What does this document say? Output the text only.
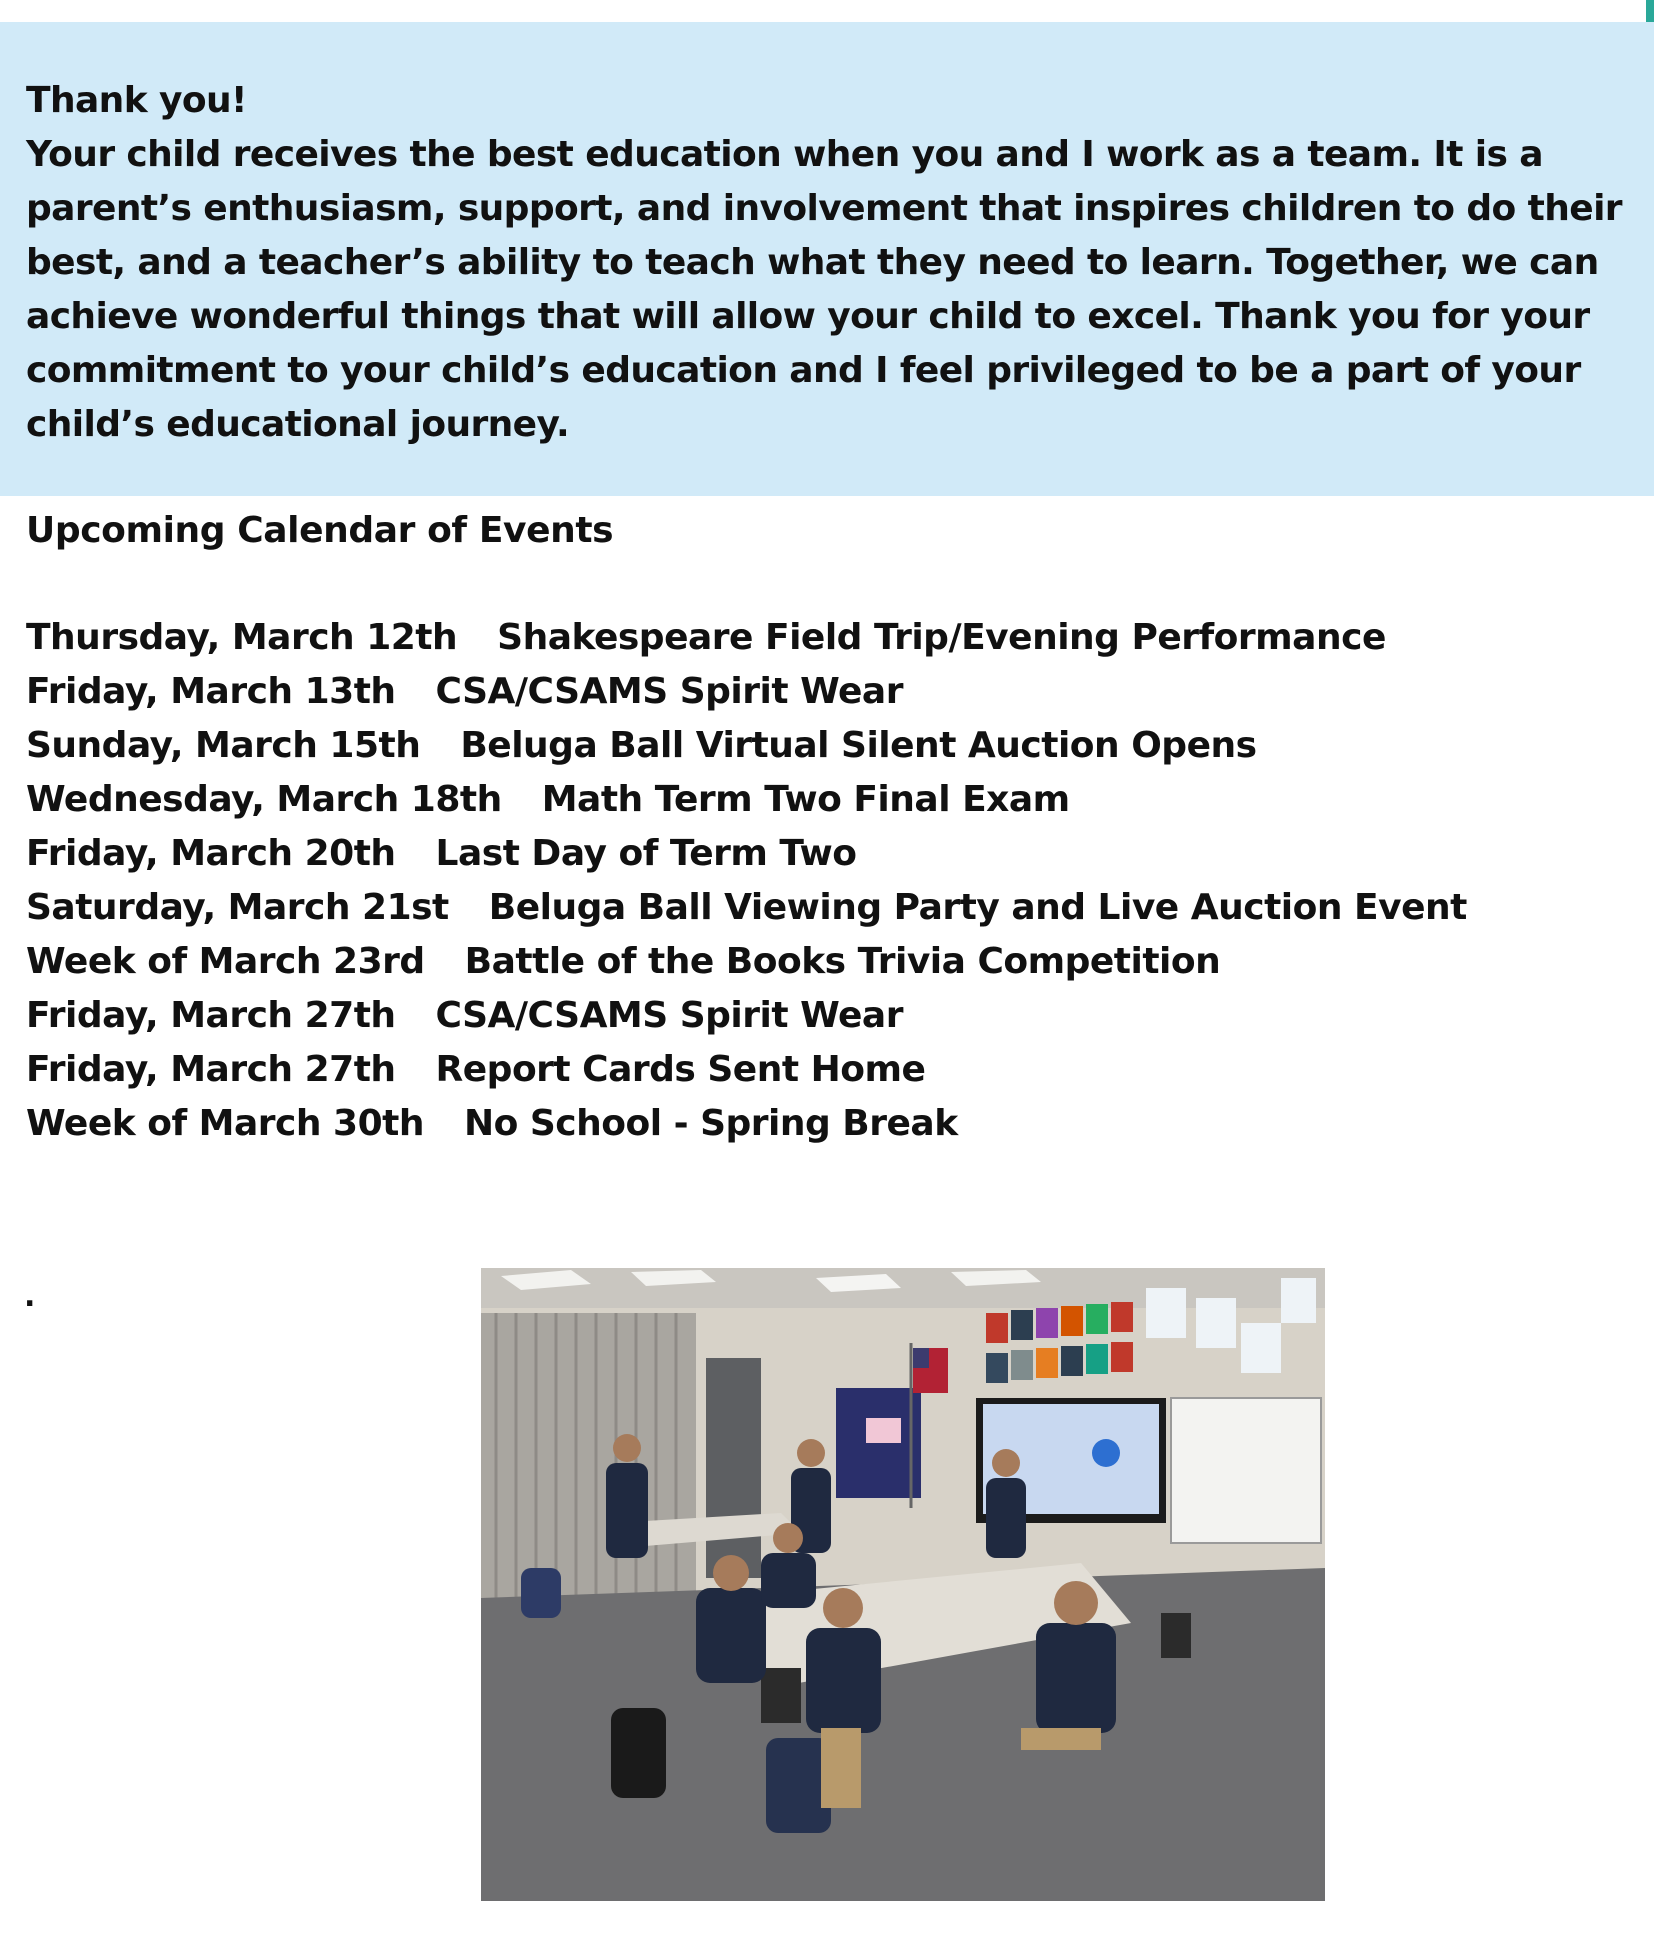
Thank you!

Your child receives the best education when you and I work as a team. It is a parent’s enthusiasm, support, and involvement that inspires children to do their best, and a teacher’s ability to teach what they need to learn. Together, we can achieve wonderful things that will allow your child to excel. Thank you for your commitment to your child’s education and I feel privileged to be a part of your child’s educational journey.

Upcoming Calendar of Events
Thursday, March 12th Shakespeare Field Trip/Evening Performance
Friday, March 13th CSA/CSAMS Spirit Wear
Sunday, March 15th Beluga Ball Virtual Silent Auction Opens
Wednesday, March 18th Math Term Two Final Exam
Friday, March 20th Last Day of Term Two
Saturday, March 21st Beluga Ball Viewing Party and Live Auction Event
Week of March 23rd Battle of the Books Trivia Competition
Friday, March 27th CSA/CSAMS Spirit Wear
Friday, March 27th Report Cards Sent Home
Week of March 30th No School - Spring Break
.
